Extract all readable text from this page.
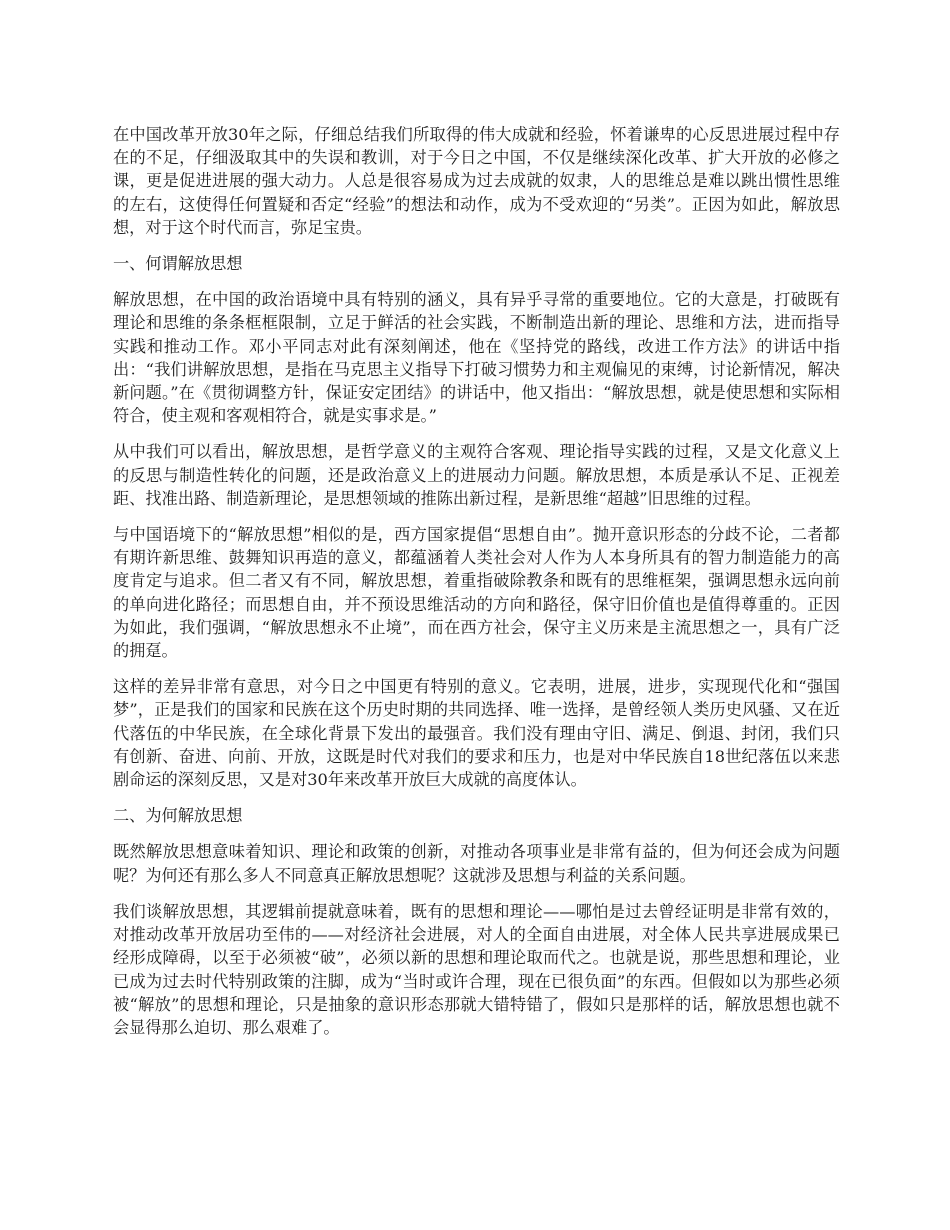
在中国改革开放30年之际，仔细总结我们所取得的伟大成就和经验，怀着谦卑的心反思进展过程中存在的不足，仔细汲取其中的失误和教训，对于今日之中国，不仅是继续深化改革、扩大开放的必修之课，更是促进进展的强大动力。人总是很容易成为过去成就的奴隶，人的思维总是难以跳出惯性思维的左右，这使得任何置疑和否定“经验”的想法和动作，成为不受欢迎的“另类”。正因为如此，解放思想，对于这个时代而言，弥足宝贵。

一、何谓解放思想

解放思想，在中国的政治语境中具有特别的涵义，具有异乎寻常的重要地位。它的大意是，打破既有理论和思维的条条框框限制，立足于鲜活的社会实践，不断制造出新的理论、思维和方法，进而指导实践和推动工作。邓小平同志对此有深刻阐述，他在《坚持党的路线，改进工作方法》的讲话中指出：“我们讲解放思想，是指在马克思主义指导下打破习惯势力和主观偏见的束缚，讨论新情况，解决新问题。”在《贯彻调整方针，保证安定团结》的讲话中，他又指出：“解放思想，就是使思想和实际相符合，使主观和客观相符合，就是实事求是。”

从中我们可以看出，解放思想，是哲学意义的主观符合客观、理论指导实践的过程，又是文化意义上的反思与制造性转化的问题，还是政治意义上的进展动力问题。解放思想，本质是承认不足、正视差距、找准出路、制造新理论，是思想领域的推陈出新过程，是新思维“超越”旧思维的过程。

与中国语境下的“解放思想”相似的是，西方国家提倡“思想自由”。抛开意识形态的分歧不论，二者都有期许新思维、鼓舞知识再造的意义，都蕴涵着人类社会对人作为人本身所具有的智力制造能力的高度肯定与追求。但二者又有不同，解放思想，着重指破除教条和既有的思维框架，强调思想永远向前的单向进化路径；而思想自由，并不预设思维活动的方向和路径，保守旧价值也是值得尊重的。正因为如此，我们强调，“解放思想永不止境”，而在西方社会，保守主义历来是主流思想之一，具有广泛的拥趸。

这样的差异非常有意思，对今日之中国更有特别的意义。它表明，进展，进步，实现现代化和“强国梦”，正是我们的国家和民族在这个历史时期的共同选择、唯一选择，是曾经领人类历史风骚、又在近代落伍的中华民族，在全球化背景下发出的最强音。我们没有理由守旧、满足、倒退、封闭，我们只有创新、奋进、向前、开放，这既是时代对我们的要求和压力，也是对中华民族自18世纪落伍以来悲剧命运的深刻反思，又是对30年来改革开放巨大成就的高度体认。

二、为何解放思想

既然解放思想意味着知识、理论和政策的创新，对推动各项事业是非常有益的，但为何还会成为问题呢？为何还有那么多人不同意真正解放思想呢？这就涉及思想与利益的关系问题。

我们谈解放思想，其逻辑前提就意味着，既有的思想和理论——哪怕是过去曾经证明是非常有效的，对推动改革开放居功至伟的——对经济社会进展，对人的全面自由进展，对全体人民共享进展成果已经形成障碍，以至于必须被“破”，必须以新的思想和理论取而代之。也就是说，那些思想和理论，业已成为过去时代特别政策的注脚，成为“当时或许合理，现在已很负面”的东西。但假如以为那些必须被“解放”的思想和理论，只是抽象的意识形态那就大错特错了，假如只是那样的话，解放思想也就不会显得那么迫切、那么艰难了。
